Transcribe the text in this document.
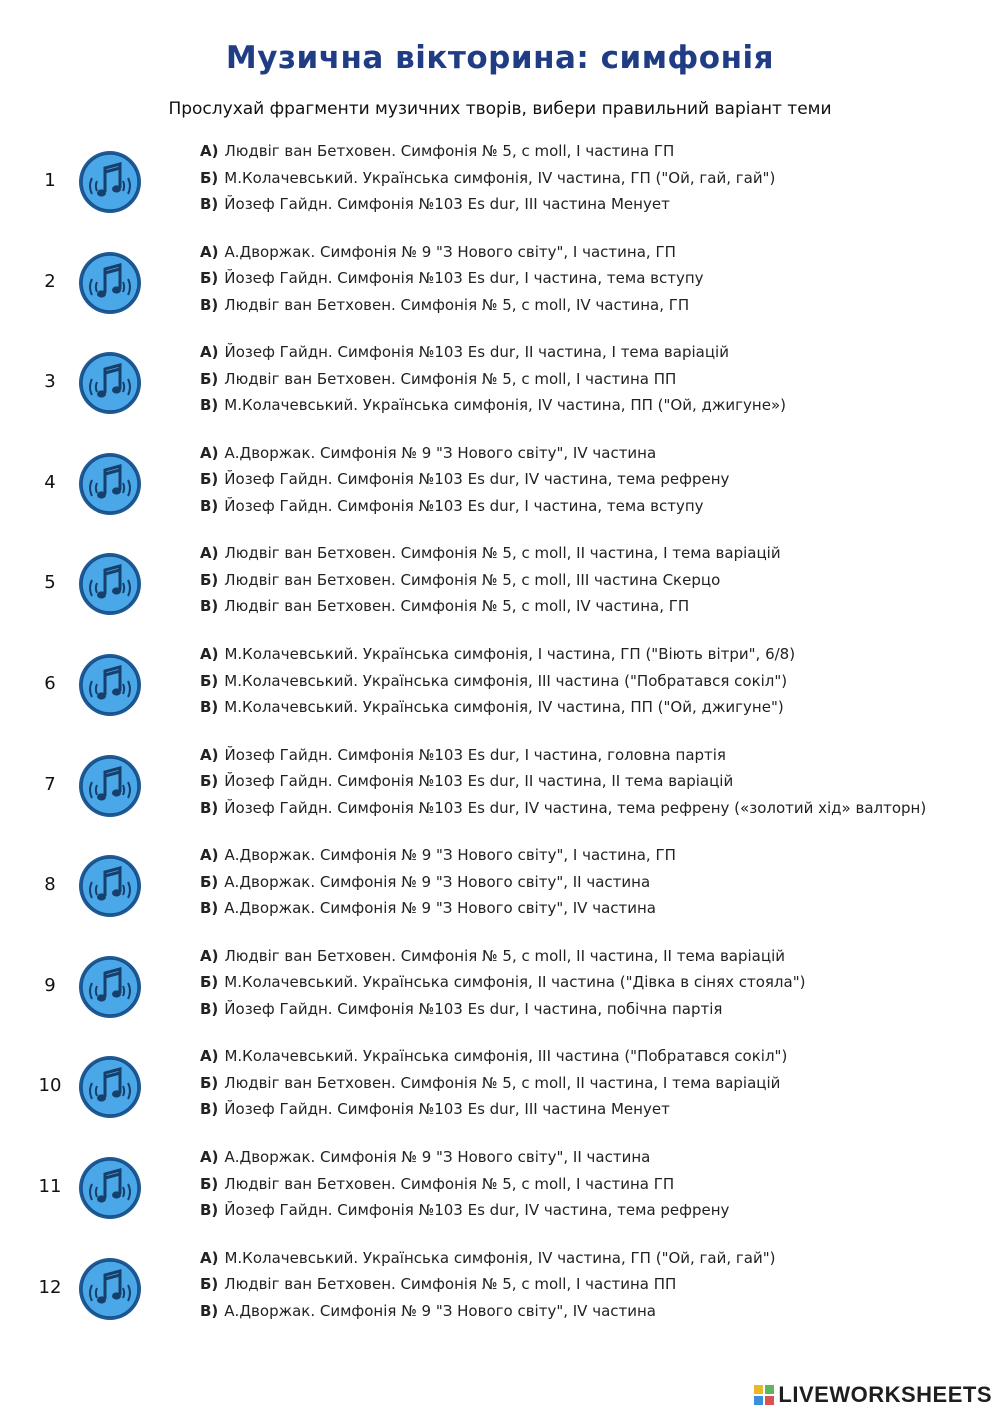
Музична вікторина: симфонія
Прослухай фрагменти музичних творів, вибери правильний варіант теми
1
А) Людвіг ван Бетховен. Симфонія № 5, c moll, I частина ГП
Б) М.Колачевський. Українська симфонія, IV частина, ГП ("Ой, гай, гай")
В) Йозеф Гайдн. Симфонія №103 Es dur, III частина Менует
2
А) А.Дворжак. Симфонія № 9 "З Нового світу", I частина, ГП
Б) Йозеф Гайдн. Симфонія №103 Es dur, I частина, тема вступу
В) Людвіг ван Бетховен. Симфонія № 5, c moll, IV частина, ГП
3
А) Йозеф Гайдн. Симфонія №103 Es dur, II частина, I тема варіацій
Б) Людвіг ван Бетховен. Симфонія № 5, c moll, I частина ПП
В) М.Колачевський. Українська симфонія, IV частина, ПП ("Ой, джигуне»)
4
А) А.Дворжак. Симфонія № 9 "З Нового світу", IV частина
Б) Йозеф Гайдн. Симфонія №103 Es dur, IV частина, тема рефрену
В) Йозеф Гайдн. Симфонія №103 Es dur, I частина, тема вступу
5
А) Людвіг ван Бетховен. Симфонія № 5, c moll, II частина, I тема варіацій
Б) Людвіг ван Бетховен. Симфонія № 5, c moll, III частина Скерцо
В) Людвіг ван Бетховен. Симфонія № 5, c moll, IV частина, ГП
6
А) М.Колачевський. Українська симфонія, I частина, ГП ("Віють вітри", 6/8)
Б) М.Колачевський. Українська симфонія, III частина ("Побратався сокіл")
В) М.Колачевський. Українська симфонія, IV частина, ПП ("Ой, джигуне")
7
А) Йозеф Гайдн. Симфонія №103 Es dur, I частина, головна партія
Б) Йозеф Гайдн. Симфонія №103 Es dur, II частина, II тема варіацій
В) Йозеф Гайдн. Симфонія №103 Es dur, IV частина, тема рефрену («золотий хід» валторн)
8
А) А.Дворжак. Симфонія № 9 "З Нового світу", I частина, ГП
Б) А.Дворжак. Симфонія № 9 "З Нового світу", II частина
В) А.Дворжак. Симфонія № 9 "З Нового світу", IV частина
9
А) Людвіг ван Бетховен. Симфонія № 5, c moll, II частина, II тема варіацій
Б) М.Колачевський. Українська симфонія, II частина ("Дівка в сінях стояла")
В) Йозеф Гайдн. Симфонія №103 Es dur, I частина, побічна партія
10
А) М.Колачевський. Українська симфонія, III частина ("Побратався сокіл")
Б) Людвіг ван Бетховен. Симфонія № 5, c moll, II частина, I тема варіацій
В) Йозеф Гайдн. Симфонія №103 Es dur, III частина Менует
11
А) А.Дворжак. Симфонія № 9 "З Нового світу", II частина
Б) Людвіг ван Бетховен. Симфонія № 5, c moll, I частина ГП
В) Йозеф Гайдн. Симфонія №103 Es dur, IV частина, тема рефрену
12
А) М.Колачевський. Українська симфонія, IV частина, ГП ("Ой, гай, гай")
Б) Людвіг ван Бетховен. Симфонія № 5, c moll, I частина ПП
В) А.Дворжак. Симфонія № 9 "З Нового світу", IV частина
LIVEWORKSHEETS
